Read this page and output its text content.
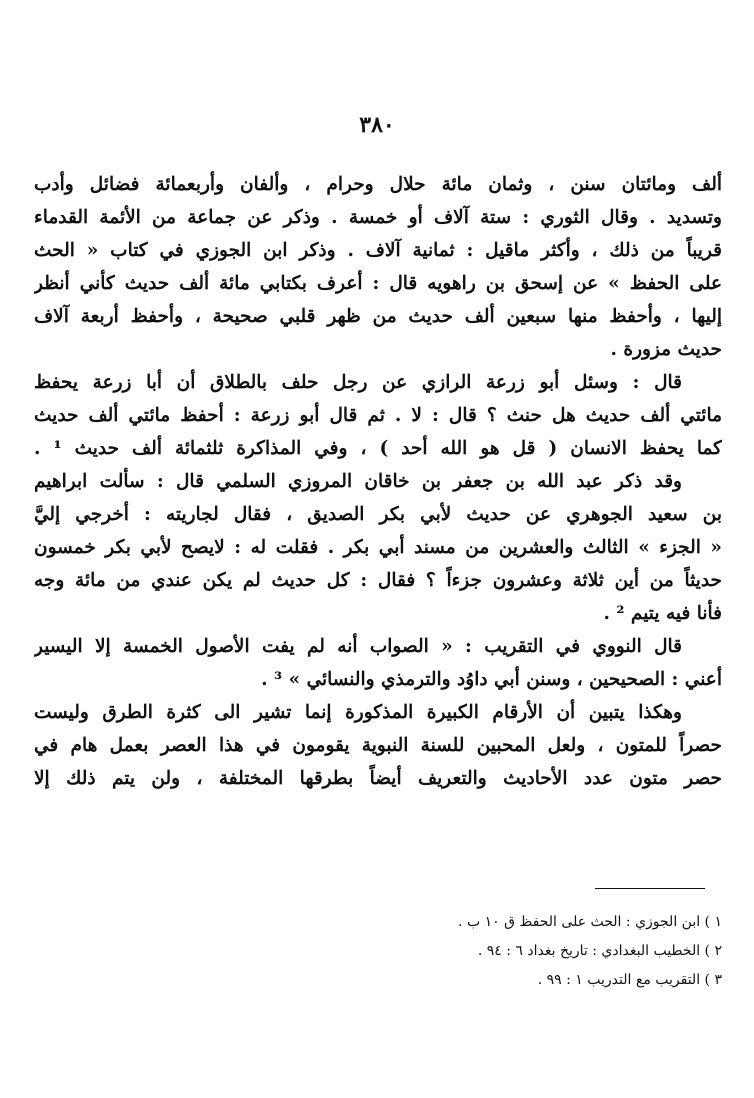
٣٨٠
ألف ومائتان سنن ، وثمان مائة حلال وحرام ، وألفان وأربعمائة فضائل وأدب
وتسديد . وقال الثوري : ستة آلاف أو خمسة . وذكر عن جماعة من الأئمة القدماء
قريباً من ذلك ، وأكثر ماقيل : ثمانية آلاف . وذكر ابن الجوزي في كتاب « الحث
على الحفظ » عن إسحق بن راهويه قال : أعرف بكتابي مائة ألف حديث كأني أنظر
إليها ، وأحفظ منها سبعين ألف حديث من ظهر قلبي صحيحة ، وأحفظ أربعة آلاف
حديث مزورة .
قال : وسئل أبو زرعة الرازي عن رجل حلف بالطلاق أن أبا زرعة يحفظ
مائتي ألف حديث هل حنث ؟ قال : لا . ثم قال أبو زرعة : أحفظ مائتي ألف حديث
كما يحفظ الانسان ( قل هو الله أحد ) ، وفي المذاكرة ثلثمائة ألف حديث ¹ .
وقد ذكر عبد الله بن جعفر بن خاقان المروزي السلمي قال : سألت ابراهيم
بن سعيد الجوهري عن حديث لأبي بكر الصديق ، فقال لجاريته : أخرجي إليَّ
« الجزء » الثالث والعشرين من مسند أبي بكر . فقلت له : لايصح لأبي بكر خمسون
حديثاً من أين ثلاثة وعشرون جزءاً ؟ فقال : كل حديث لم يكن عندي من مائة وجه
فأنا فيه يتيم ² .
قال النووي في التقريب : « الصواب أنه لم يفت الأصول الخمسة إلا اليسير
أعني : الصحيحين ، وسنن أبي داوُد والترمذي والنسائي » ³ .
وهكذا يتبين أن الأرقام الكبيرة المذكورة إنما تشير الى كثرة الطرق وليست
حصراً للمتون ، ولعل المحبين للسنة النبوية يقومون في هذا العصر بعمل هام في
حصر متون عدد الأحاديث والتعريف أيضاً بطرقها المختلفة ، ولن يتم ذلك إلا
١ ) ابن الجوزي : الحث على الحفظ ق ١٠ ب .
٢ ) الخطيب البغدادي : تاريخ بغداد ٦ : ٩٤ .
٣ ) التقريب مع التدريب ١ : ٩٩ .
